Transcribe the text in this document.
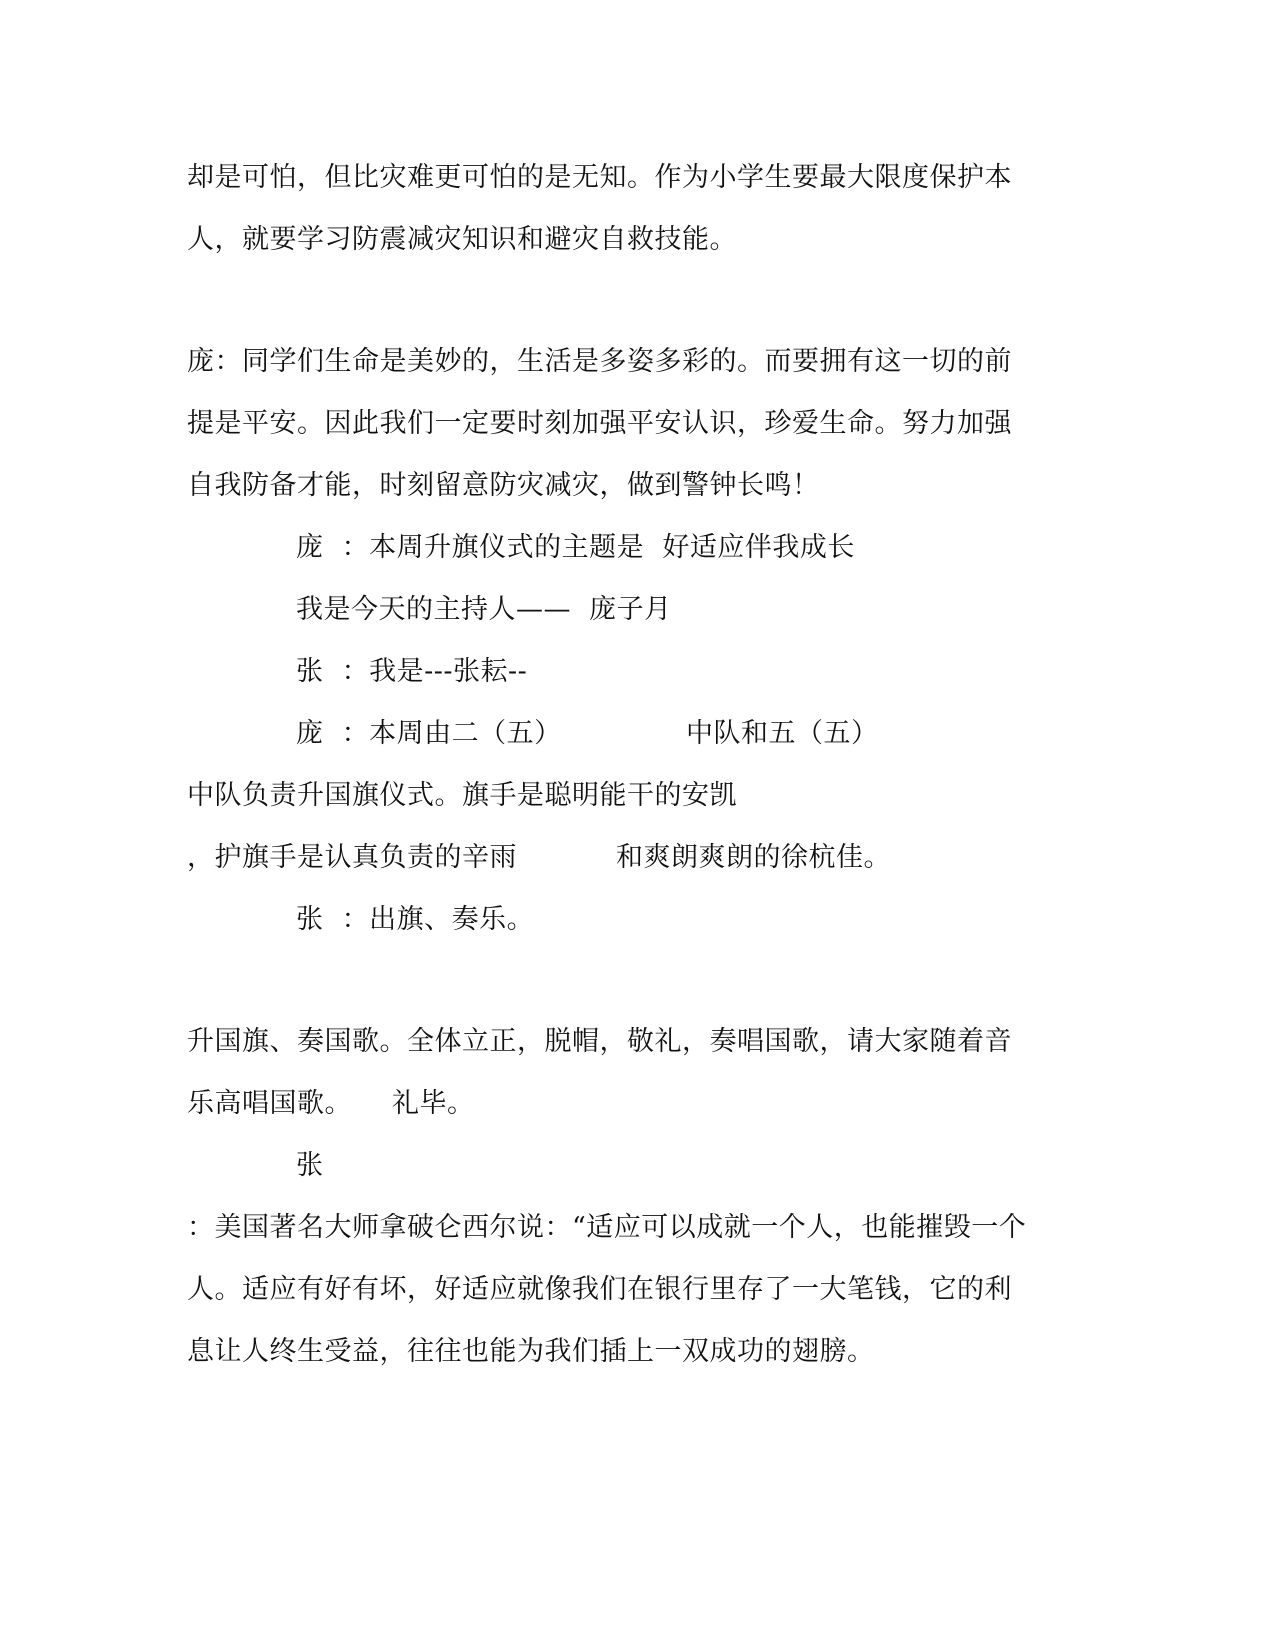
却是可怕，但比灾难更可怕的是无知。作为小学生要最大限度保护本
人，就要学习防震减灾知识和避灾自救技能。
庞：同学们生命是美妙的，生活是多姿多彩的。而要拥有这一切的前
提是平安。因此我们一定要时刻加强平安认识，珍爱生命。努力加强
自我防备才能，时刻留意防灾减灾，做到警钟长鸣！
庞  ：本周升旗仪式的主题是  好适应伴我成长
我是今天的主持人——  庞子月
张  ：我是---张耘--
庞  ：本周由二（五）	中队和五（五）
中队负责升国旗仪式。旗手是聪明能干的安凯
，护旗手是认真负责的辛雨	和爽朗爽朗的徐杭佳。
张  ：出旗、奏乐。
升国旗、奏国歌。全体立正，脱帽，敬礼，奏唱国歌，请大家随着音
乐高唱国歌。 礼毕。
张
：美国著名大师拿破仑西尔说：“适应可以成就一个人，也能摧毁一个
人。适应有好有坏，好适应就像我们在银行里存了一大笔钱，它的利
息让人终生受益，往往也能为我们插上一双成功的翅膀。
